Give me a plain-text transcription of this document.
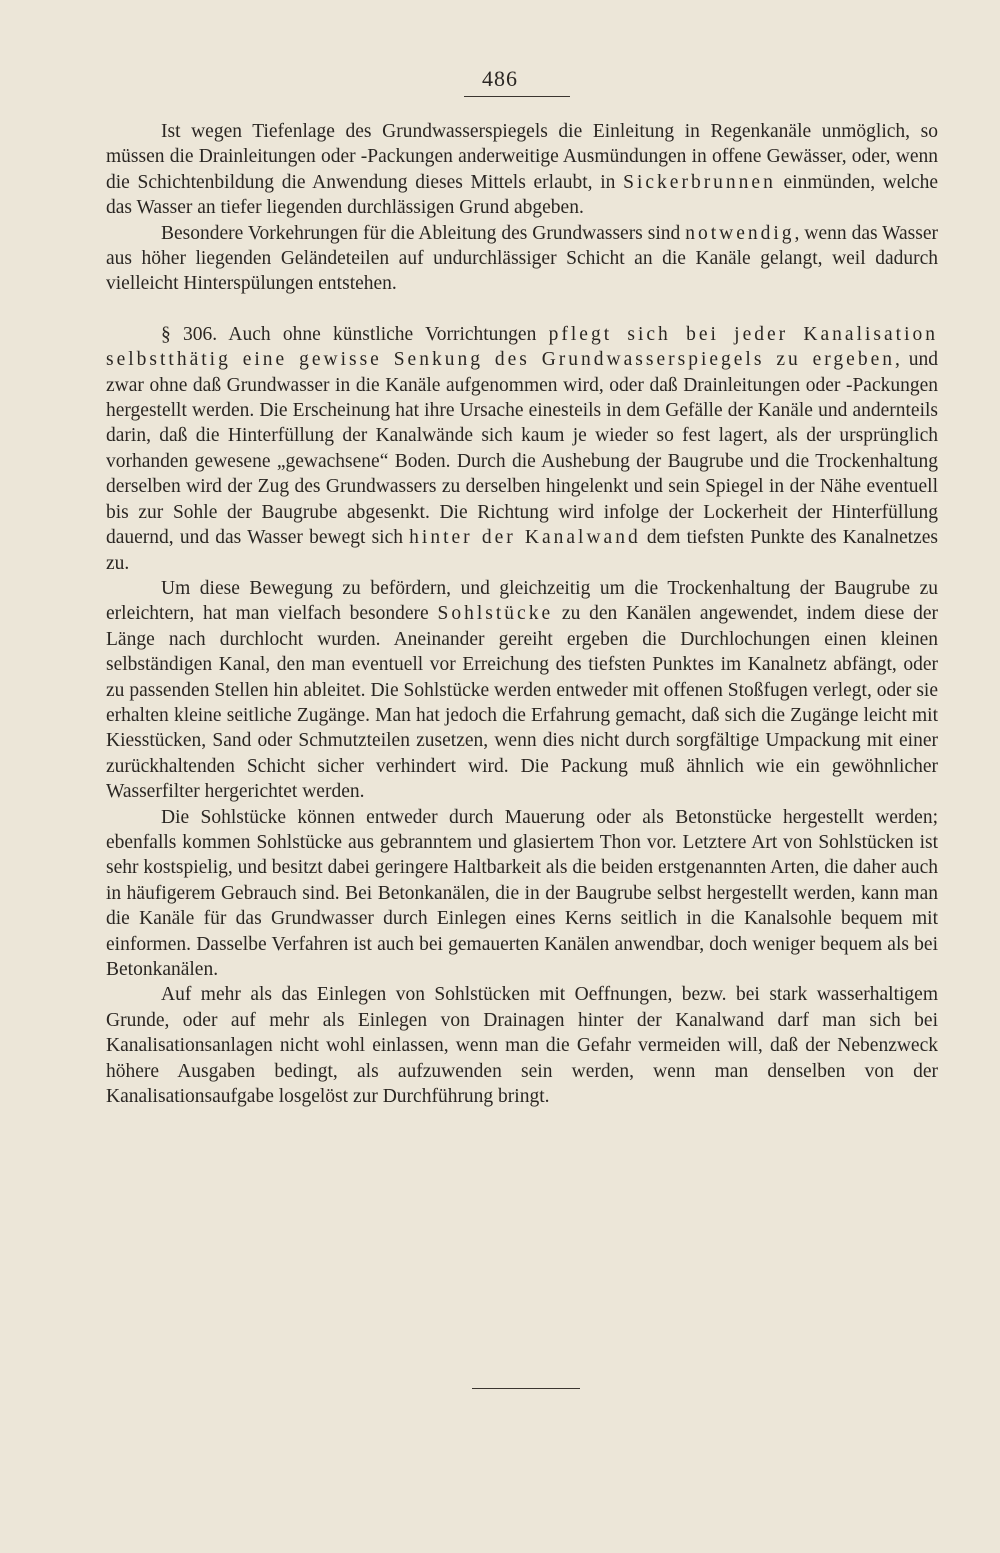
486

Ist wegen Tiefenlage des Grundwasserspiegels die Einleitung in Regenkanäle unmöglich, so müssen die Drainleitungen oder -Packungen anderweitige Ausmündungen in offene Gewässer, oder, wenn die Schichtenbildung die Anwendung dieses Mittels erlaubt, in Sickerbrunnen einmünden, welche das Wasser an tiefer liegenden durchlässigen Grund abgeben.

Besondere Vorkehrungen für die Ableitung des Grundwassers sind notwendig, wenn das Wasser aus höher liegenden Geländeteilen auf undurchlässiger Schicht an die Kanäle gelangt, weil dadurch vielleicht Hinterspülungen entstehen.

§ 306. Auch ohne künstliche Vorrichtungen pflegt sich bei jeder Kanalisation selbstthätig eine gewisse Senkung des Grundwasserspiegels zu ergeben, und zwar ohne daß Grundwasser in die Kanäle aufgenommen wird, oder daß Drainleitungen oder -Packungen hergestellt werden. Die Erscheinung hat ihre Ursache einesteils in dem Gefälle der Kanäle und andernteils darin, daß die Hinterfüllung der Kanalwände sich kaum je wieder so fest lagert, als der ursprünglich vorhanden gewesene „gewachsene“ Boden. Durch die Aushebung der Baugrube und die Trockenhaltung derselben wird der Zug des Grundwassers zu derselben hingelenkt und sein Spiegel in der Nähe eventuell bis zur Sohle der Baugrube abgesenkt. Die Richtung wird infolge der Lockerheit der Hinterfüllung dauernd, und das Wasser bewegt sich hinter der Kanalwand dem tiefsten Punkte des Kanalnetzes zu.

Um diese Bewegung zu befördern, und gleichzeitig um die Trockenhaltung der Baugrube zu erleichtern, hat man vielfach besondere Sohlstücke zu den Kanälen angewendet, indem diese der Länge nach durchlocht wurden. Aneinander gereiht ergeben die Durchlochungen einen kleinen selbständigen Kanal, den man eventuell vor Erreichung des tiefsten Punktes im Kanalnetz abfängt, oder zu passenden Stellen hin ableitet. Die Sohlstücke werden entweder mit offenen Stoßfugen verlegt, oder sie erhalten kleine seitliche Zugänge. Man hat jedoch die Erfahrung gemacht, daß sich die Zugänge leicht mit Kiesstücken, Sand oder Schmutzteilen zusetzen, wenn dies nicht durch sorgfältige Umpackung mit einer zurückhaltenden Schicht sicher verhindert wird. Die Packung muß ähnlich wie ein gewöhnlicher Wasserfilter hergerichtet werden.

Die Sohlstücke können entweder durch Mauerung oder als Betonstücke hergestellt werden; ebenfalls kommen Sohlstücke aus gebranntem und glasiertem Thon vor. Letztere Art von Sohlstücken ist sehr kostspielig, und besitzt dabei geringere Haltbarkeit als die beiden erstgenannten Arten, die daher auch in häufigerem Gebrauch sind. Bei Betonkanälen, die in der Baugrube selbst hergestellt werden, kann man die Kanäle für das Grundwasser durch Einlegen eines Kerns seitlich in die Kanalsohle bequem mit einformen. Dasselbe Verfahren ist auch bei gemauerten Kanälen anwendbar, doch weniger bequem als bei Betonkanälen.

Auf mehr als das Einlegen von Sohlstücken mit Oeffnungen, bezw. bei stark wasserhaltigem Grunde, oder auf mehr als Einlegen von Drainagen hinter der Kanalwand darf man sich bei Kanalisationsanlagen nicht wohl einlassen, wenn man die Gefahr vermeiden will, daß der Nebenzweck höhere Ausgaben bedingt, als aufzuwenden sein werden, wenn man denselben von der Kanalisationsaufgabe losgelöst zur Durchführung bringt.
